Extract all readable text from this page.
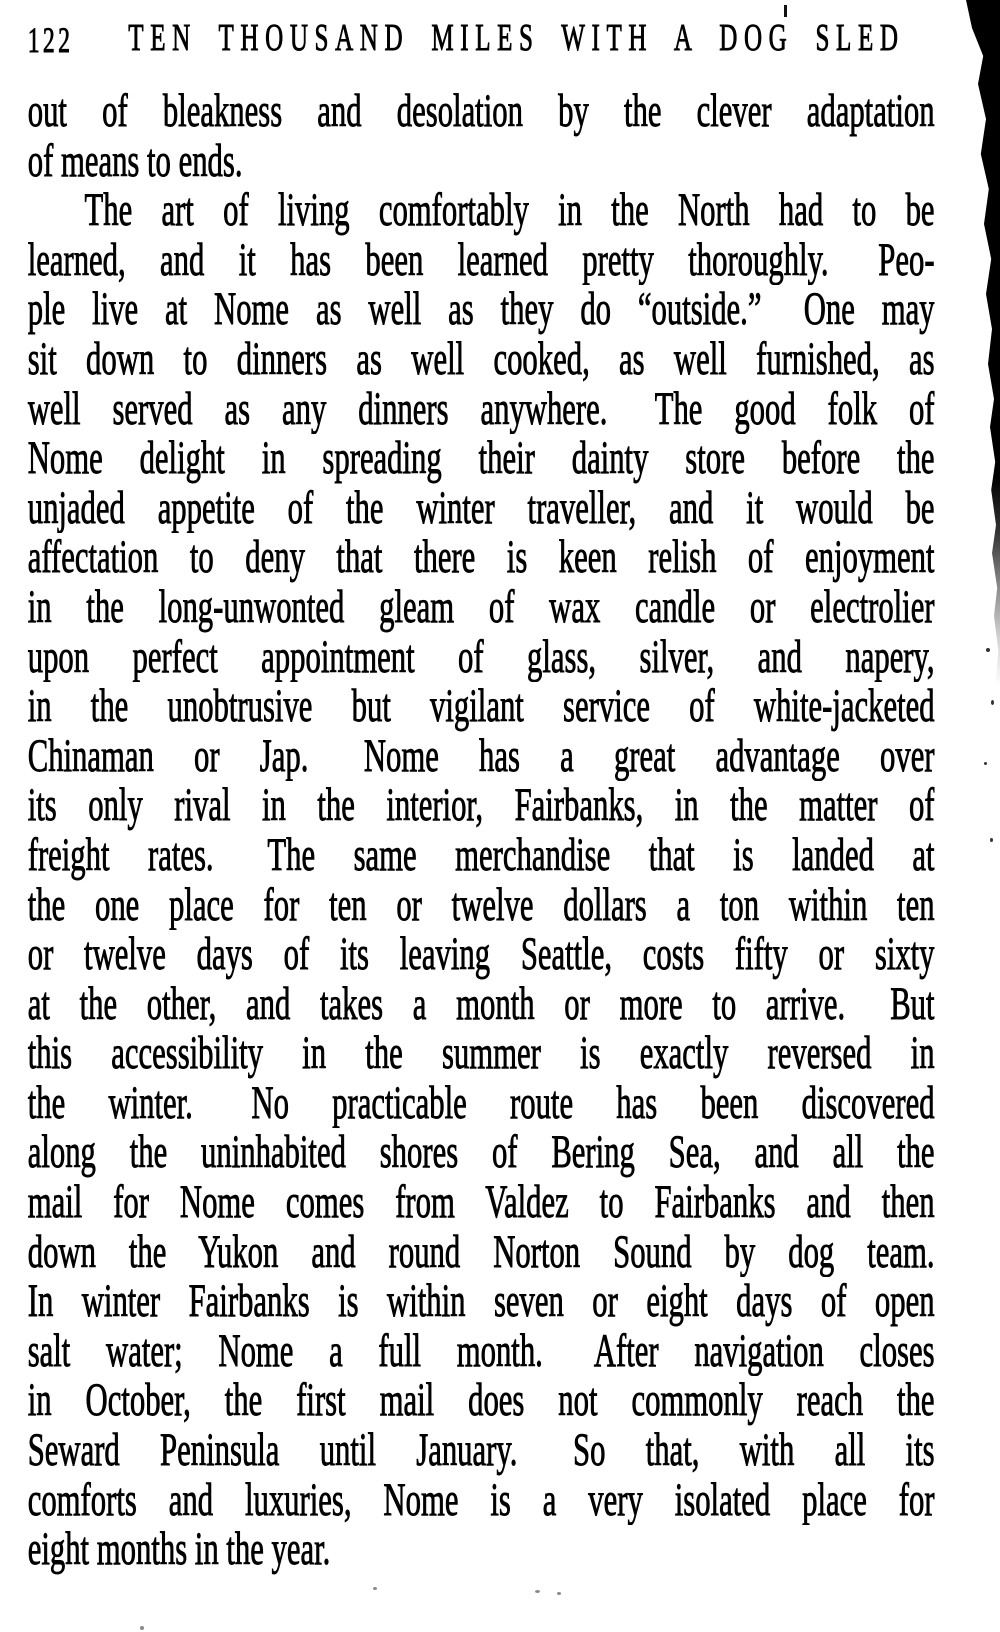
122	TEN THOUSAND MILES WITH A DOG SLED
out of bleakness and desolation by the clever adaptation
of means to ends.
The art of living comfortably in the North had to be
learned, and it has been learned pretty thoroughly.  Peo-
ple live at Nome as well as they do “outside.”  One may
sit down to dinners as well cooked, as well furnished, as
well served as any dinners anywhere.  The good folk of
Nome delight in spreading their dainty store before the
unjaded appetite of the winter traveller, and it would be
affectation to deny that there is keen relish of enjoyment
in the long-unwonted gleam of wax candle or electrolier
upon perfect appointment of glass, silver, and napery,
in the unobtrusive but vigilant service of white-jacketed
Chinaman or Jap.  Nome has a great advantage over
its only rival in the interior, Fairbanks, in the matter of
freight rates.  The same merchandise that is landed at
the one place for ten or twelve dollars a ton within ten
or twelve days of its leaving Seattle, costs fifty or sixty
at the other, and takes a month or more to arrive.  But
this accessibility in the summer is exactly reversed in
the winter.  No practicable route has been discovered
along the uninhabited shores of Bering Sea, and all the
mail for Nome comes from Valdez to Fairbanks and then
down the Yukon and round Norton Sound by dog team.
In winter Fairbanks is within seven or eight days of open
salt water; Nome a full month.  After navigation closes
in October, the first mail does not commonly reach the
Seward Peninsula until January.  So that, with all its
comforts and luxuries, Nome is a very isolated place for
eight months in the year.
